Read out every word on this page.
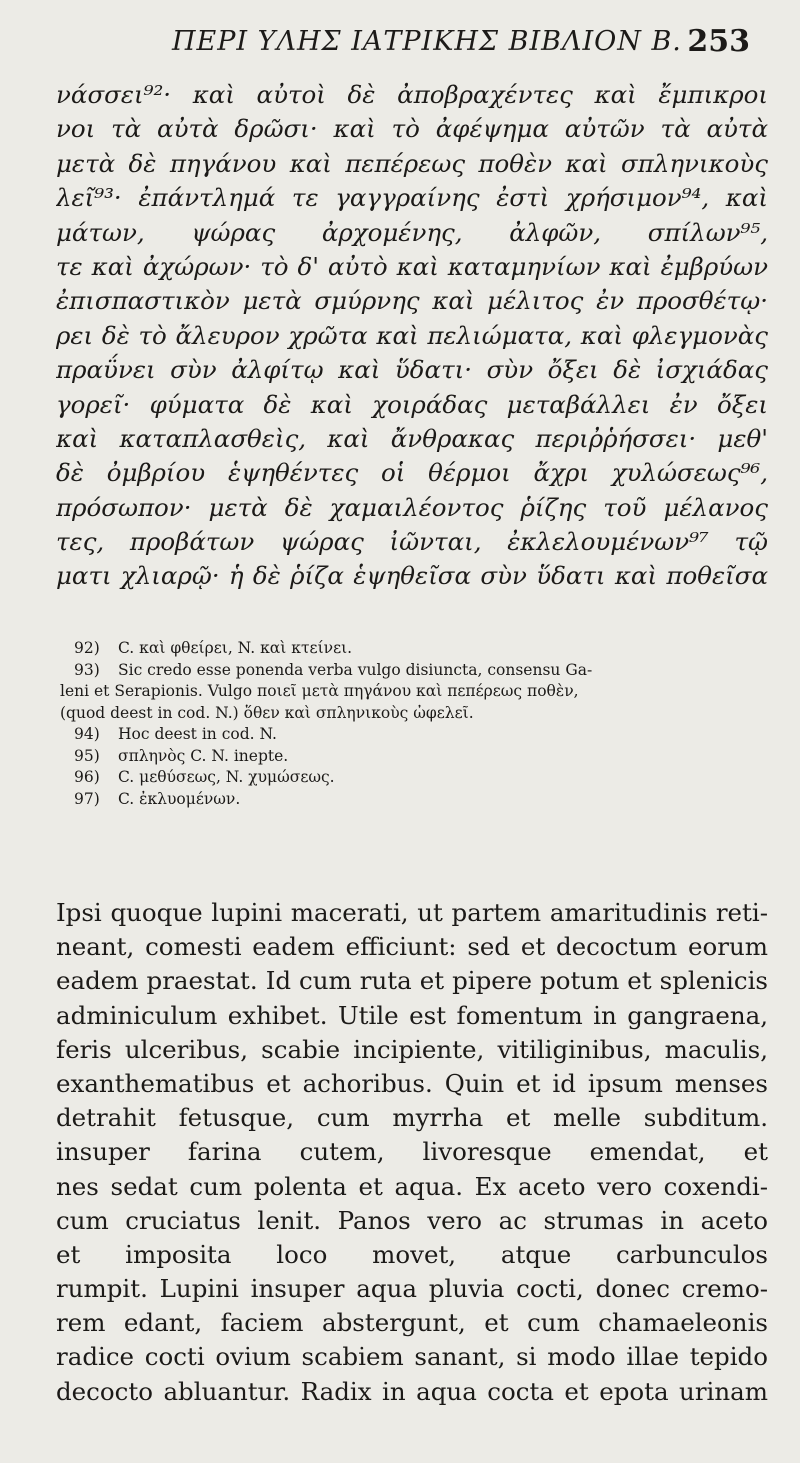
ΠΕΡΙ ΥΛΗΣ ΙΑΤΡΙΚΗΣ ΒΙΒΛΙΟΝ Β. 253
νάσσει⁹²· καὶ αὐτοὶ δὲ ἀποβραχέντες καὶ ἔμπικροι
νοι τὰ αὐτὰ δρῶσι· καὶ τὸ ἀφέψημα αὐτῶν τὰ αὐτὰ
μετὰ δὲ πηγάνου καὶ πεπέρεως ποθὲν καὶ σπληνικοὺς
λεῖ⁹³· ἐπάντλημά τε γαγγραίνης ἐστὶ χρήσιμον⁹⁴, καὶ
μάτων, ψώρας ἀρχομένης, ἀλφῶν, σπίλων⁹⁵,
τε καὶ ἀχώρων· τὸ δ' αὐτὸ καὶ καταμηνίων καὶ ἐμβρύων
ἐπισπαστικὸν μετὰ σμύρνης καὶ μέλιτος ἐν προσθέτῳ·
ρει δὲ τὸ ἄλευρον χρῶτα καὶ πελιώματα, καὶ φλεγμονὰς
πραΰνει σὺν ἀλφίτῳ καὶ ὕδατι· σὺν ὄξει δὲ ἰσχιάδας
γορεῖ· φύματα δὲ καὶ χοιράδας μεταβάλλει ἐν ὄξει
καὶ καταπλασθεὶς, καὶ ἄνθρακας περιῤῥήσσει· μεθ'
δὲ ὀμβρίου ἑψηθέντες οἱ θέρμοι ἄχρι χυλώσεως⁹⁶,
πρόσωπον· μετὰ δὲ χαμαιλέοντος ῥίζης τοῦ μέλανος
τες, προβάτων ψώρας ἰῶνται, ἐκλελουμένων⁹⁷ τῷ
ματι χλιαρῷ· ἡ δὲ ῥίζα ἑψηθεῖσα σὺν ὕδατι καὶ ποθεῖσα
92) C. καὶ φθείρει, N. καὶ κτείνει.
93) Sic credo esse ponenda verba vulgo disiuncta, consensu Ga-
leni et Serapionis. Vulgo ποιεῖ μετὰ πηγάνου καὶ πεπέρεως ποθὲν,
(quod deest in cod. N.) ὅθεν καὶ σπληνικοὺς ὠφελεῖ.
94) Hoc deest in cod. N.
95) σπληνὸς C. N. inepte.
96) C. μεθύσεως, N. χυμώσεως.
97) C. ἐκλυομένων.
Ipsi quoque lupini macerati, ut partem amaritudinis reti-
neant, comesti eadem efficiunt: sed et decoctum eorum
eadem praestat. Id cum ruta et pipere potum et splenicis
adminiculum exhibet. Utile est fomentum in gangraena,
feris ulceribus, scabie incipiente, vitiliginibus, maculis,
exanthematibus et achoribus. Quin et id ipsum menses
detrahit fetusque, cum myrrha et melle subditum.
insuper farina cutem, livoresque emendat, et
nes sedat cum polenta et aqua. Ex aceto vero coxendi-
cum cruciatus lenit. Panos vero ac strumas in aceto
et imposita loco movet, atque carbunculos
rumpit. Lupini insuper aqua pluvia cocti, donec cremo-
rem edant, faciem abstergunt, et cum chamaeleonis
radice cocti ovium scabiem sanant, si modo illae tepido
decocto abluantur. Radix in aqua cocta et epota urinam
